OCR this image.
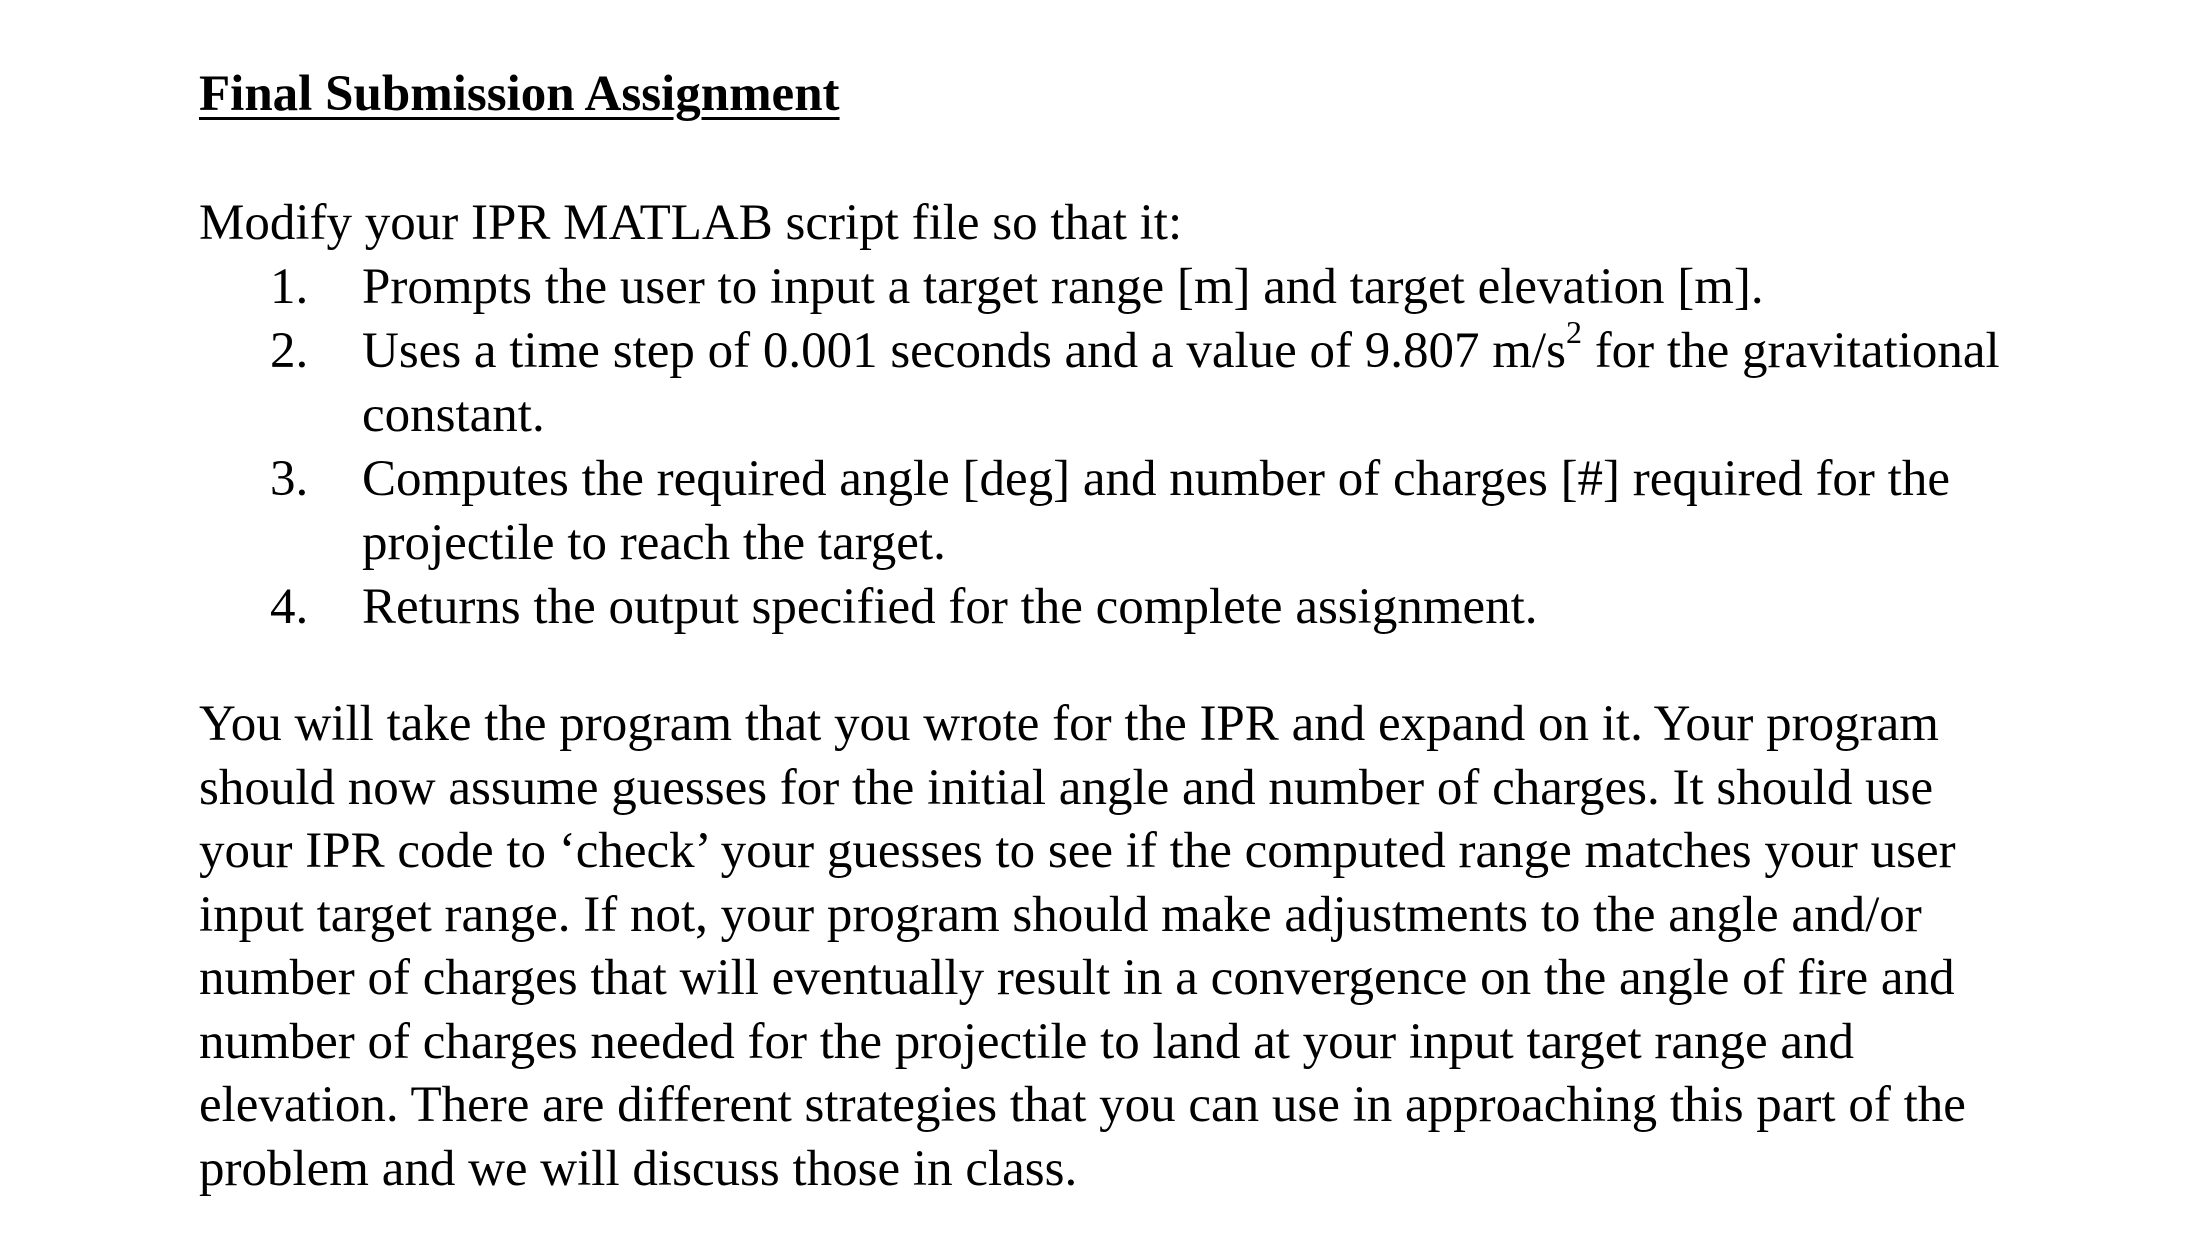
Final Submission Assignment
Modify your IPR MATLAB script file so that it:
1.	Prompts the user to input a target range [m] and target elevation [m].
2.	Uses a time step of 0.001 seconds and a value of 9.807 $m/s^2$ for the gravitational
constant.
3.	Computes the required angle [deg] and number of charges [#] required for the
projectile to reach the target.
4.	Returns the output specified for the complete assignment.
You will take the program that you wrote for the IPR and expand on it. Your program
should now assume guesses for the initial angle and number of charges. It should use
your IPR code to ‘check’ your guesses to see if the computed range matches your user
input target range. If not, your program should make adjustments to the angle and/or
number of charges that will eventually result in a convergence on the angle of fire and
number of charges needed for the projectile to land at your input target range and
elevation. There are different strategies that you can use in approaching this part of the
problem and we will discuss those in class.
